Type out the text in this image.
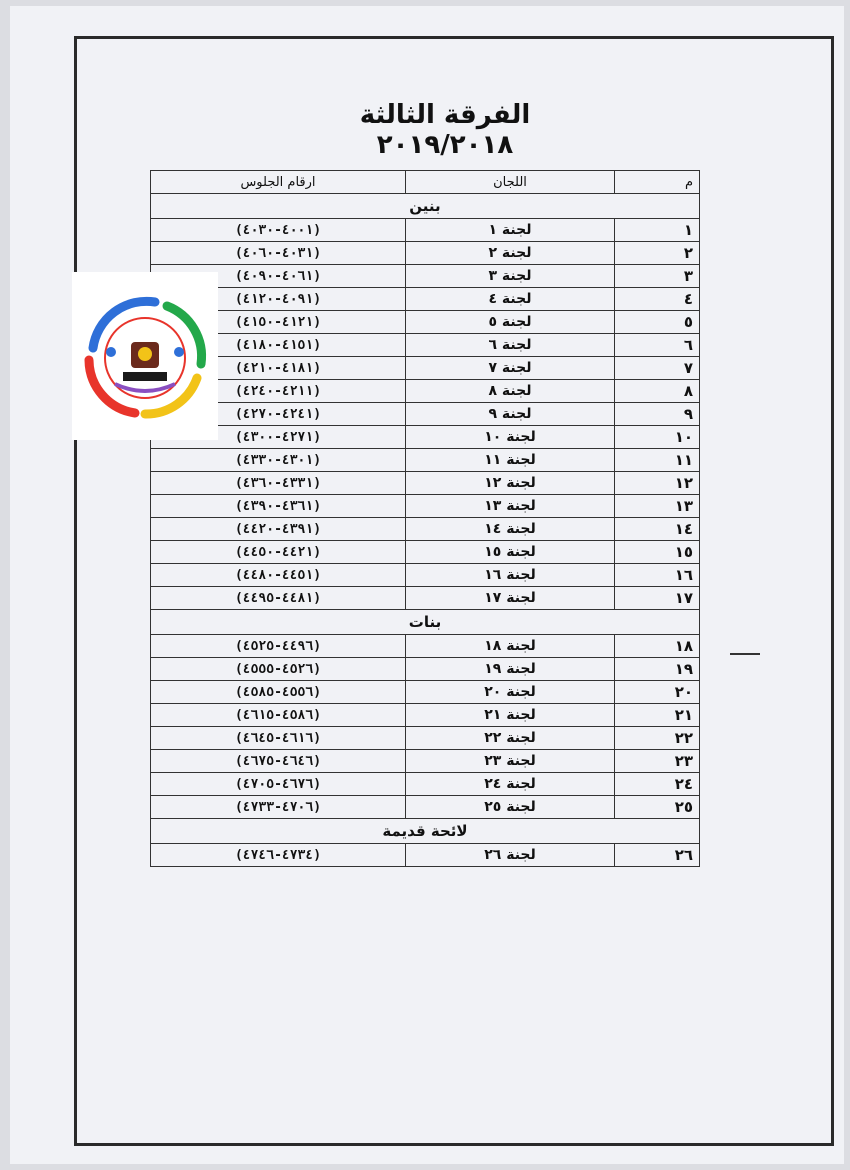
الفرقة الثالثة ٢٠١٩/٢٠١٨
م	اللجان	ارقام الجلوس
بنين		
١	لجنة ١	(٤٠٠١-٤٠٣٠)
٢	لجنة ٢	(٤٠٣١-٤٠٦٠)
٣	لجنة ٣	(٤٠٦١-٤٠٩٠)
٤	لجنة ٤	(٤٠٩١-٤١٢٠)
٥	لجنة ٥	(٤١٢١-٤١٥٠)
٦	لجنة ٦	(٤١٥١-٤١٨٠)
٧	لجنة ٧	(٤١٨١-٤٢١٠)
٨	لجنة ٨	(٤٢١١-٤٢٤٠)
٩	لجنة ٩	(٤٢٤١-٤٢٧٠)
١٠	لجنة ١٠	(٤٢٧١-٤٣٠٠)
١١	لجنة ١١	(٤٣٠١-٤٣٣٠)
١٢	لجنة ١٢	(٤٣٣١-٤٣٦٠)
١٣	لجنة ١٣	(٤٣٦١-٤٣٩٠)
١٤	لجنة ١٤	(٤٣٩١-٤٤٢٠)
١٥	لجنة ١٥	(٤٤٢١-٤٤٥٠)
١٦	لجنة ١٦	(٤٤٥١-٤٤٨٠)
١٧	لجنة ١٧	(٤٤٨١-٤٤٩٥)
بنات		
١٨	لجنة ١٨	(٤٤٩٦-٤٥٢٥)
١٩	لجنة ١٩	(٤٥٢٦-٤٥٥٥)
٢٠	لجنة ٢٠	(٤٥٥٦-٤٥٨٥)
٢١	لجنة ٢١	(٤٥٨٦-٤٦١٥)
٢٢	لجنة ٢٢	(٤٦١٦-٤٦٤٥)
٢٣	لجنة ٢٣	(٤٦٤٦-٤٦٧٥)
٢٤	لجنة ٢٤	(٤٦٧٦-٤٧٠٥)
٢٥	لجنة ٢٥	(٤٧٠٦-٤٧٣٣)
لائحة قديمة		
٢٦	لجنة ٢٦	(٤٧٣٤-٤٧٤٦)
